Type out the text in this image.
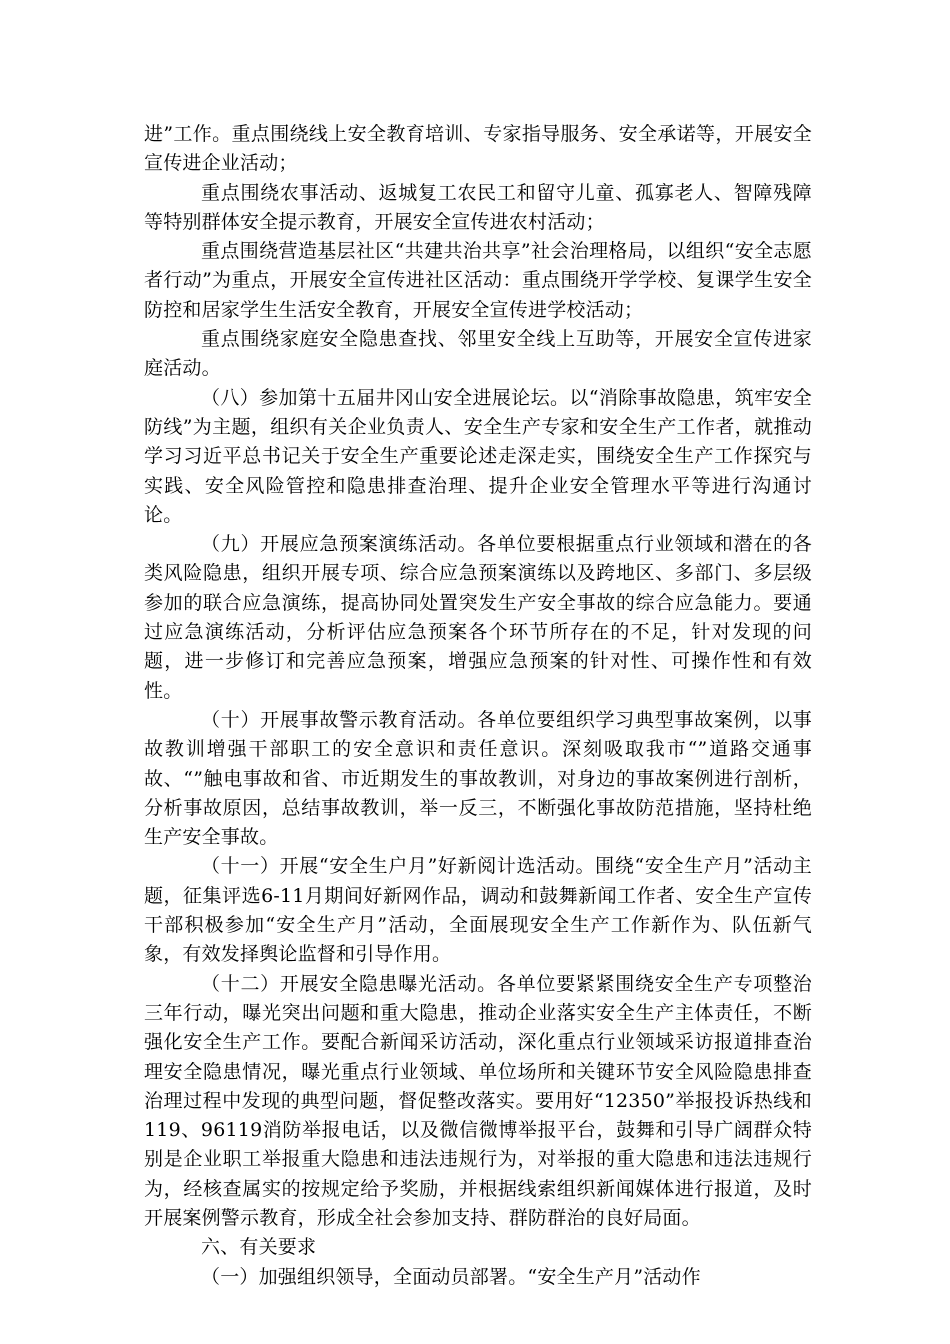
进”工作。重点围绕线上安全教育培训、专家指导服务、安全承诺等，开展安全宣传进企业活动；

重点围绕农事活动、返城复工农民工和留守儿童、孤寡老人、智障残障等特别群体安全提示教育，开展安全宣传进农村活动；

重点围绕营造基层社区“共建共治共享”社会治理格局，以组织“安全志愿者行动”为重点，开展安全宣传进社区活动：重点围绕开学学校、复课学生安全防控和居家学生生活安全教育，开展安全宣传进学校活动；

重点围绕家庭安全隐患查找、邻里安全线上互助等，开展安全宣传进家庭活动。

（八）参加第十五届井冈山安全进展论坛。以“消除事故隐患，筑牢安全防线”为主题，组织有关企业负责人、安全生产专家和安全生产工作者，就推动学习习近平总书记关于安全生产重要论述走深走实，围绕安全生产工作探究与实践、安全风险管控和隐患排查治理、提升企业安全管理水平等进行沟通讨论。

（九）开展应急预案演练活动。各单位要根据重点行业领域和潜在的各类风险隐患，组织开展专项、综合应急预案演练以及跨地区、多部门、多层级参加的联合应急演练，提高协同处置突发生产安全事故的综合应急能力。要通过应急演练活动，分析评估应急预案各个环节所存在的不足，针对发现的问题，进一步修订和完善应急预案，增强应急预案的针对性、可操作性和有效性。

（十）开展事故警示教育活动。各单位要组织学习典型事故案例，以事故教训增强干部职工的安全意识和责任意识。深刻吸取我市“”道路交通事故、“”触电事故和省、市近期发生的事故教训，对身边的事故案例进行剖析，分析事故原因，总结事故教训，举一反三，不断强化事故防范措施，坚持杜绝生产安全事故。

（十一）开展“安全生户月”好新阅计选活动。围绕“安全生产月”活动主题，征集评选6-11月期间好新网作品，调动和鼓舞新闻工作者、安全生产宣传干部积极参加“安全生产月”活动，全面展现安全生产工作新作为、队伍新气象，有效发择舆论监督和引导作用。

（十二）开展安全隐患曝光活动。各单位要紧紧围绕安全生产专项整治三年行动，曝光突出问题和重大隐患，推动企业落实安全生产主体责任，不断强化安全生产工作。要配合新闻采访活动，深化重点行业领域采访报道排查治理安全隐患情况，曝光重点行业领域、单位场所和关键环节安全风险隐患排查治理过程中发现的典型问题，督促整改落实。要用好“12350”举报投诉热线和119、96119消防举报电话，以及微信微博举报平台，鼓舞和引导广阔群众特别是企业职工举报重大隐患和违法违规行为，对举报的重大隐患和违法违规行为，经核查属实的按规定给予奖励，并根据线索组织新闻媒体进行报道，及时开展案例警示教育，形成全社会参加支持、群防群治的良好局面。

六、有关要求

（一）加强组织领导，全面动员部署。“安全生产月”活动作
